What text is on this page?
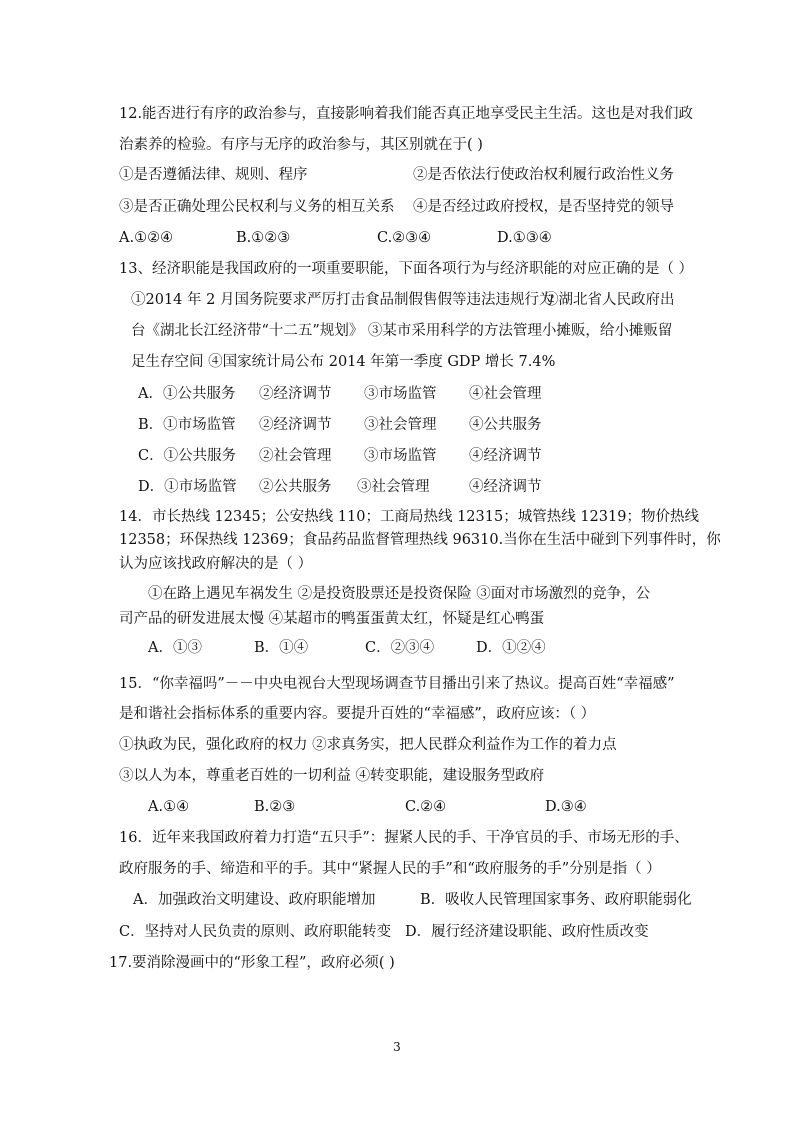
12.能否进行有序的政治参与，直接影响着我们能否真正地享受民主生活。这也是对我们政
治素养的检验。有序与无序的政治参与，其区别就在于( )
①是否遵循法律、规则、程序	②是否依法行使政治权利履行政治性义务
③是否正确处理公民权利与义务的相互关系 ④是否经过政府授权，是否坚持党的领导
A.①②④	B.①②③	C.②③④	D.①③④
13、经济职能是我国政府的一项重要职能，下面各项行为与经济职能的对应正确的是（ ）
①2014 年 2 月国务院要求严厉打击食品制假售假等违法违规行为
②湖北省人民政府出
台《湖北长江经济带“十二五”规划》 ③某市采用科学的方法管理小摊贩，给小摊贩留
足生存空间 ④国家统计局公布 2014 年第一季度 GDP 增长 7.4%
A．①公共服务 ②经济调节 ③市场监管 ④社会管理
B．①市场监管 ②经济调节 ③社会管理 ④公共服务
C．①公共服务 ②社会管理 ③市场监管 ④经济调节
D．①市场监管 ②公共服务 ③社会管理	④经济调节
14．市长热线 12345；公安热线 110；工商局热线 12315；城管热线 12319；物价热线
12358；环保热线 12369；食品药品监督管理热线 96310.当你在生活中碰到下列事件时，你
认为应该找政府解决的是（ ）
①在路上遇见车祸发生 ②是投资股票还是投资保险 ③面对市场激烈的竞争，公
司产品的研发进展太慢 ④某超市的鸭蛋蛋黄太红，怀疑是红心鸭蛋
A．①③	B．①④	C．②③④	D．①②④
15．“你幸福吗”－－中央电视台大型现场调查节目播出引来了热议。提高百姓“幸福感”
是和谐社会指标体系的重要内容。要提升百姓的“幸福感”，政府应该：（ ）
①执政为民，强化政府的权力 ②求真务实，把人民群众利益作为工作的着力点
③以人为本，尊重老百姓的一切利益 ④转变职能，建设服务型政府
A.①④	B.②③	C.②④	D.③④
16．近年来我国政府着力打造“五只手”：握紧人民的手、干净官员的手、市场无形的手、
政府服务的手、缔造和平的手。其中“紧握人民的手”和“政府服务的手”分别是指（ ）
A．加强政治文明建设、政府职能增加	B．吸收人民管理国家事务、政府职能弱化
C．坚持对人民负责的原则、政府职能转变 D．履行经济建设职能、政府性质改变
17.要消除漫画中的“形象工程”，政府必须( )
3
